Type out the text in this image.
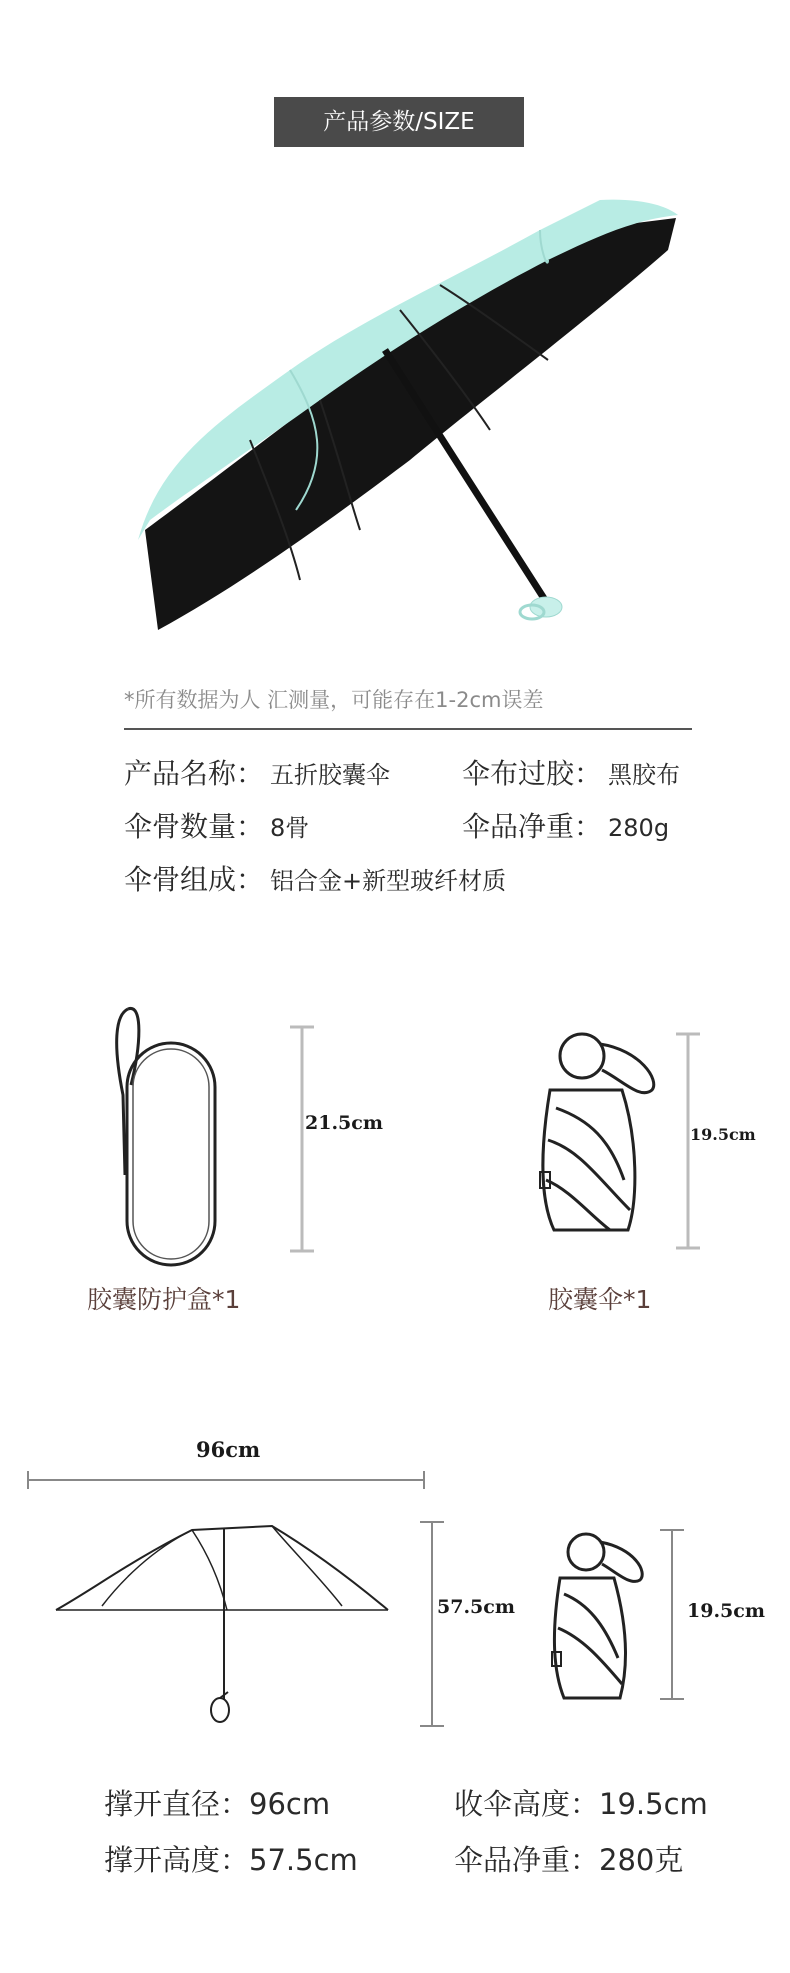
产品参数/SIZE
*所有数据为人 汇测量，可能存在1-2cm误差
产品名称： 五折胶囊伞	伞布过胶： 黑胶布
伞骨数量： 8骨	伞品净重： 280g
伞骨组成： 铝合金+新型玻纤材质
21.5cm
胶囊防护盒*1
19.5cm
胶囊伞*1
96cm
57.5cm	19.5cm
撑开直径：96cm	收伞高度：19.5cm
撑开高度：57.5cm	伞品净重：280克
